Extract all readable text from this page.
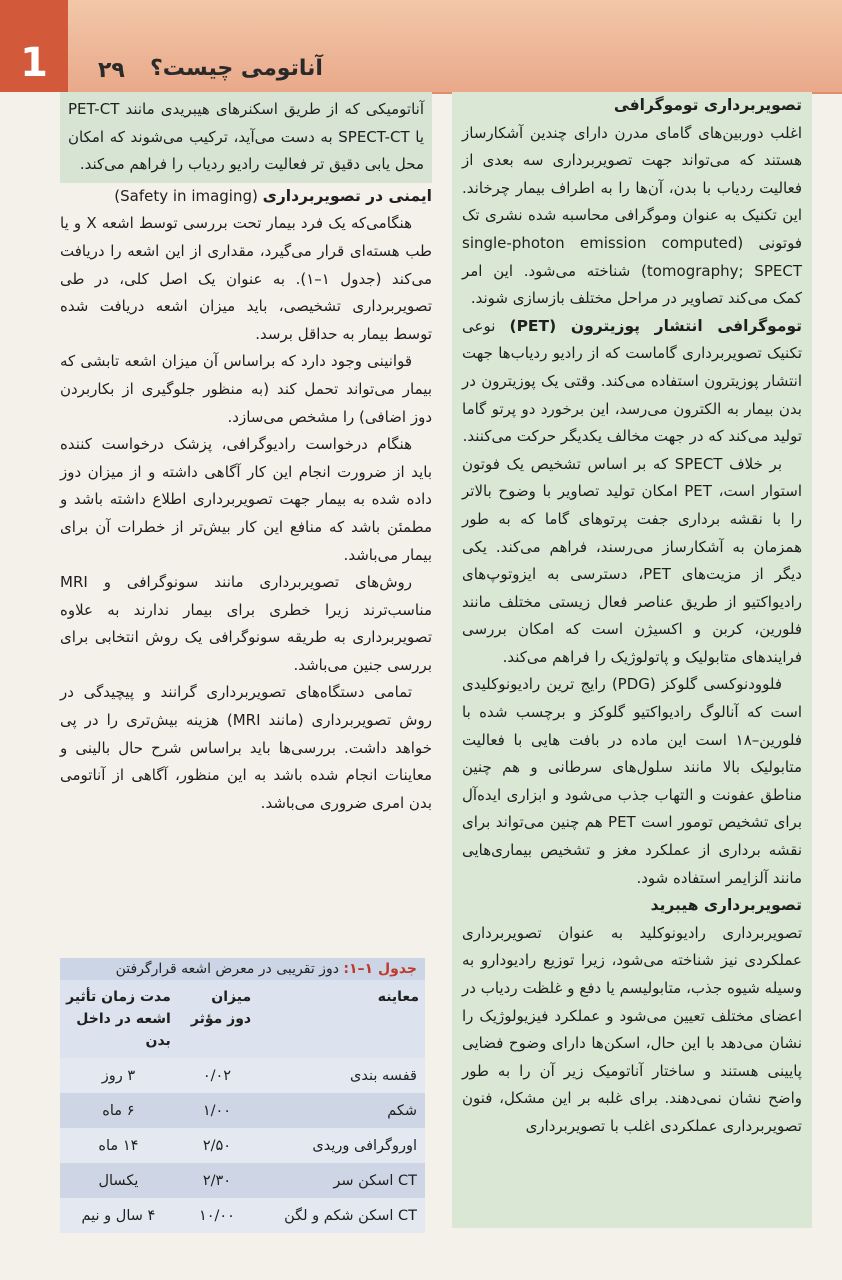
1	۲۹ آناتومی چیست؟

تصویربرداری توموگرافی

اغلب دوربین‌های گامای مدرن دارای چندین آشکارساز هستند که می‌تواند جهت تصویربرداری سه بعدی از فعالیت ردیاب با بدن، آن‌ها را به اطراف بیمار چرخاند. این تکنیک به عنوان ومو‌گرافی محاسبه شده نشری تک فوتونی (single-photon emission computed tomography; SPECT) شناخته می‌شود. این امر کمک می‌کند تصاویر در مراحل مختلف بازسازی شوند.

توموگرافی انتشار پوزیترون (PET) نوعی تکنیک تصویربرداری گاماست که از رادیو ردیاب‌ها جهت انتشار پوزیترون استفاده می‌کند. وقتی یک پوزیترون در بدن بیمار به الکترون می‌رسد، این برخورد دو پرتو گاما تولید می‌کند که در جهت مخالف یکدیگر حرکت می‌کنند.

بر خلاف SPECT که بر اساس تشخیص یک فوتون استوار است، PET امکان تولید تصاویر با وضوح بالاتر را با نقشه برداری جفت پرتوهای گاما که به طور همزمان به آشکارساز می‌رسند، فراهم می‌کند. یکی دیگر از مزیت‌های PET، دسترسی به ایزوتوپ‌های رادیواکتیو از طریق عناصر فعال زیستی مختلف مانند فلورین، کربن و اکسیژن است که امکان بررسی فرایندهای متابولیک و پاتولوژیک را فراهم می‌کند.

فلوودنوکسی گلوکز (PDG) رایج ترین رادیونوکلیدی است که آنالوگ رادیواکتیو گلوکز و برچسب شده با فلورین–۱۸ است این ماده در بافت هایی با فعالیت متابولیک بالا مانند سلول‌های سرطانی و هم چنین مناطق عفونت و التهاب جذب می‌شود و ابزاری ایده‌آل برای تشخیص تومور است PET هم چنین می‌تواند برای نقشه برداری از عملکرد مغز و تشخیص بیماری‌هایی مانند آلزایمر استفاده شود.

تصویربرداری هیبرید

تصویربرداری رادیونوکلید به عنوان تصویربرداری عملکردی نیز شناخته می‌شود، زیرا توزیع رادیودارو به وسیله شیوه جذب، متابولیسم یا دفع و غلظت ردیاب در اعضای مختلف تعیین می‌شود و عملکرد فیزیولوژیک را نشان می‌دهد با این حال، اسکن‌ها دارای وضوح فضایی پایینی هستند و ساختار آناتومیک زیر آن را به طور واضح نشان نمی‌دهند. برای غلبه بر این مشکل، فنون تصویربرداری عملکردی اغلب با تصویربرداری

آناتومیکی که از طریق اسکنرهای هیبریدی مانند PET-CT یا SPECT-CT به دست می‌آید، ترکیب می‌شوند که امکان محل یابی دقیق تر فعالیت رادیو ردیاب را فراهم می‌کند.

ایمنی در تصویربرداری (Safety in imaging)

هنگامی‌که یک فرد بیمار تحت بررسی توسط اشعه X و یا طب هسته‌ای قرار می‌گیرد، مقداری از این اشعه را دریافت می‌کند (جدول ۱–۱). به عنوان یک اصل کلی، در طی تصویربرداری تشخیصی، باید میزان اشعه دریافت شده توسط بیمار به حداقل برسد.

قوانینی وجود دارد که براساس آن میزان اشعه تابشی که بیمار می‌تواند تحمل کند (به منظور جلوگیری از بکاربردن دوز اضافی) را مشخص می‌سازد.

هنگام درخواست رادیوگرافی، پزشک درخواست کننده باید از ضرورت انجام این کار آگاهی داشته و از میزان دوز داده شده به بیمار جهت تصویربرداری اطلاع داشته باشد و مطمئن باشد که منافع این کار بیش‌تر از خطرات آن برای بیمار می‌باشد.

روش‌های تصویربرداری مانند سونوگرافی و MRI مناسب‌ترند زیرا خطری برای بیمار ندارند به علاوه تصویربرداری به طریقه سونوگرافی یک روش انتخابی برای بررسی جنین می‌باشد.

تمامی دستگاه‌های تصویربرداری گرانند و پیچیدگی در روش تصویربرداری (مانند MRI) هزینه بیش‌تری را در پی خواهد داشت. بررسی‌ها باید براساس شرح حال بالینی و معاینات انجام شده باشد به این منظور، آگاهی از آناتومی بدن امری ضروری می‌باشد.

جدول ۱–۱: دوز تقریبی در معرض اشعه قرارگرفتن
معاینه	میزان دوز مؤثر	مدت زمان تأثیر اشعه در داخل بدن
قفسه بندی	۰/۰۲	۳ روز
شکم	۱/۰۰	۶ ماه
اوروگرافی وریدی	۲/۵۰	۱۴ ماه
CT اسکن سر	۲/۳۰	یکسال
CT اسکن شکم و لگن	۱۰/۰۰	۴ سال و نیم
